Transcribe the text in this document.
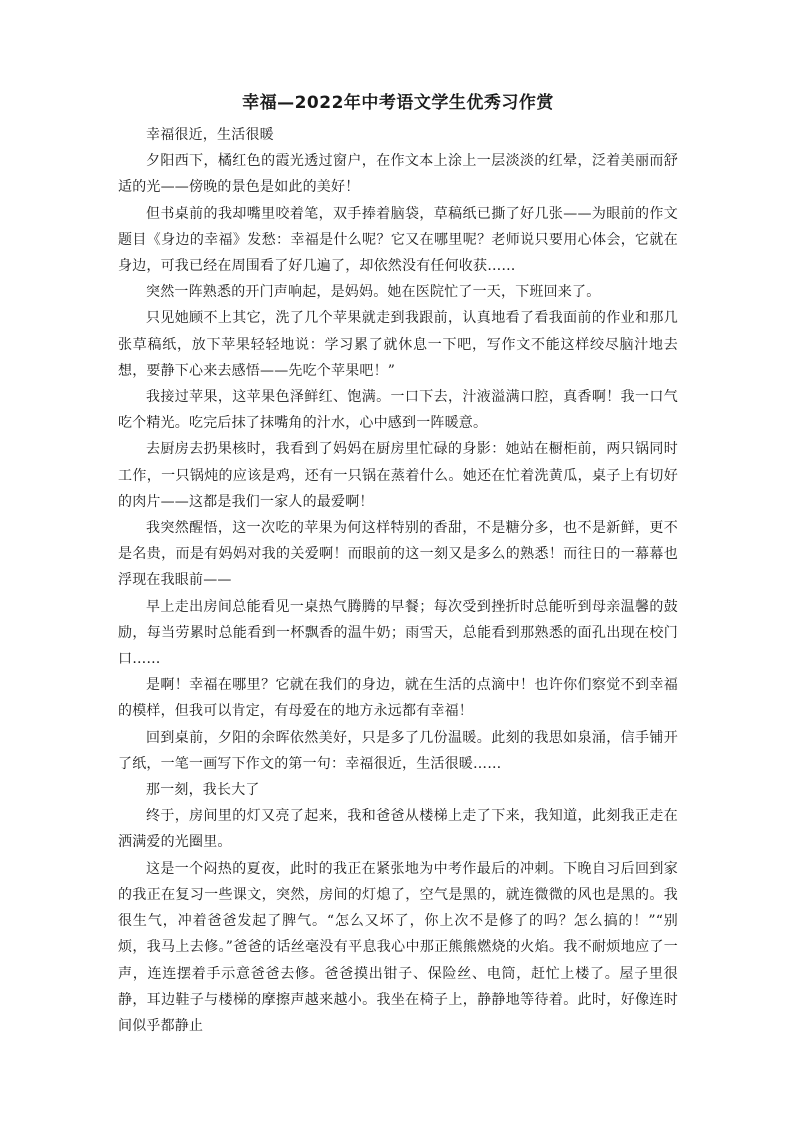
幸福—2022年中考语文学生优秀习作赏

幸福很近，生活很暖

夕阳西下，橘红色的霞光透过窗户，在作文本上涂上一层淡淡的红晕，泛着美丽而舒适的光——傍晚的景色是如此的美好！

但书桌前的我却嘴里咬着笔，双手捧着脑袋，草稿纸已撕了好几张——为眼前的作文题目《身边的幸福》发愁：幸福是什么呢？它又在哪里呢？老师说只要用心体会，它就在身边，可我已经在周围看了好几遍了，却依然没有任何收获……

突然一阵熟悉的开门声响起，是妈妈。她在医院忙了一天，下班回来了。

只见她顾不上其它，洗了几个苹果就走到我跟前，认真地看了看我面前的作业和那几张草稿纸，放下苹果轻轻地说：学习累了就休息一下吧，写作文不能这样绞尽脑汁地去想，要静下心来去感悟——先吃个苹果吧！”

我接过苹果，这苹果色泽鲜红、饱满。一口下去，汁液溢满口腔，真香啊！我一口气吃个精光。吃完后抹了抹嘴角的汁水，心中感到一阵暖意。

去厨房去扔果核时，我看到了妈妈在厨房里忙碌的身影：她站在橱柜前，两只锅同时工作，一只锅炖的应该是鸡，还有一只锅在蒸着什么。她还在忙着洗黄瓜，桌子上有切好的肉片——这都是我们一家人的最爱啊！

我突然醒悟，这一次吃的苹果为何这样特别的香甜，不是糖分多，也不是新鲜，更不是名贵，而是有妈妈对我的关爱啊！而眼前的这一刻又是多么的熟悉！而往日的一幕幕也浮现在我眼前——

早上走出房间总能看见一桌热气腾腾的早餐；每次受到挫折时总能听到母亲温馨的鼓励，每当劳累时总能看到一杯飘香的温牛奶；雨雪天，总能看到那熟悉的面孔出现在校门口……

是啊！幸福在哪里？它就在我们的身边，就在生活的点滴中！也许你们察觉不到幸福的模样，但我可以肯定，有母爱在的地方永远都有幸福！

回到桌前，夕阳的余晖依然美好，只是多了几份温暖。此刻的我思如泉涌，信手铺开了纸，一笔一画写下作文的第一句：幸福很近，生活很暖……

那一刻，我长大了

终于，房间里的灯又亮了起来，我和爸爸从楼梯上走了下来，我知道，此刻我正走在洒满爱的光圈里。

这是一个闷热的夏夜，此时的我正在紧张地为中考作最后的冲刺。下晚自习后回到家的我正在复习一些课文，突然，房间的灯熄了，空气是黑的，就连微微的风也是黑的。我很生气，冲着爸爸发起了脾气。“怎么又坏了，你上次不是修了的吗？怎么搞的！”“别烦，我马上去修。”爸爸的话丝毫没有平息我心中那正熊熊燃烧的火焰。我不耐烦地应了一声，连连摆着手示意爸爸去修。爸爸摸出钳子、保险丝、电筒，赶忙上楼了。屋子里很静，耳边鞋子与楼梯的摩擦声越来越小。我坐在椅子上，静静地等待着。此时，好像连时间似乎都静止
